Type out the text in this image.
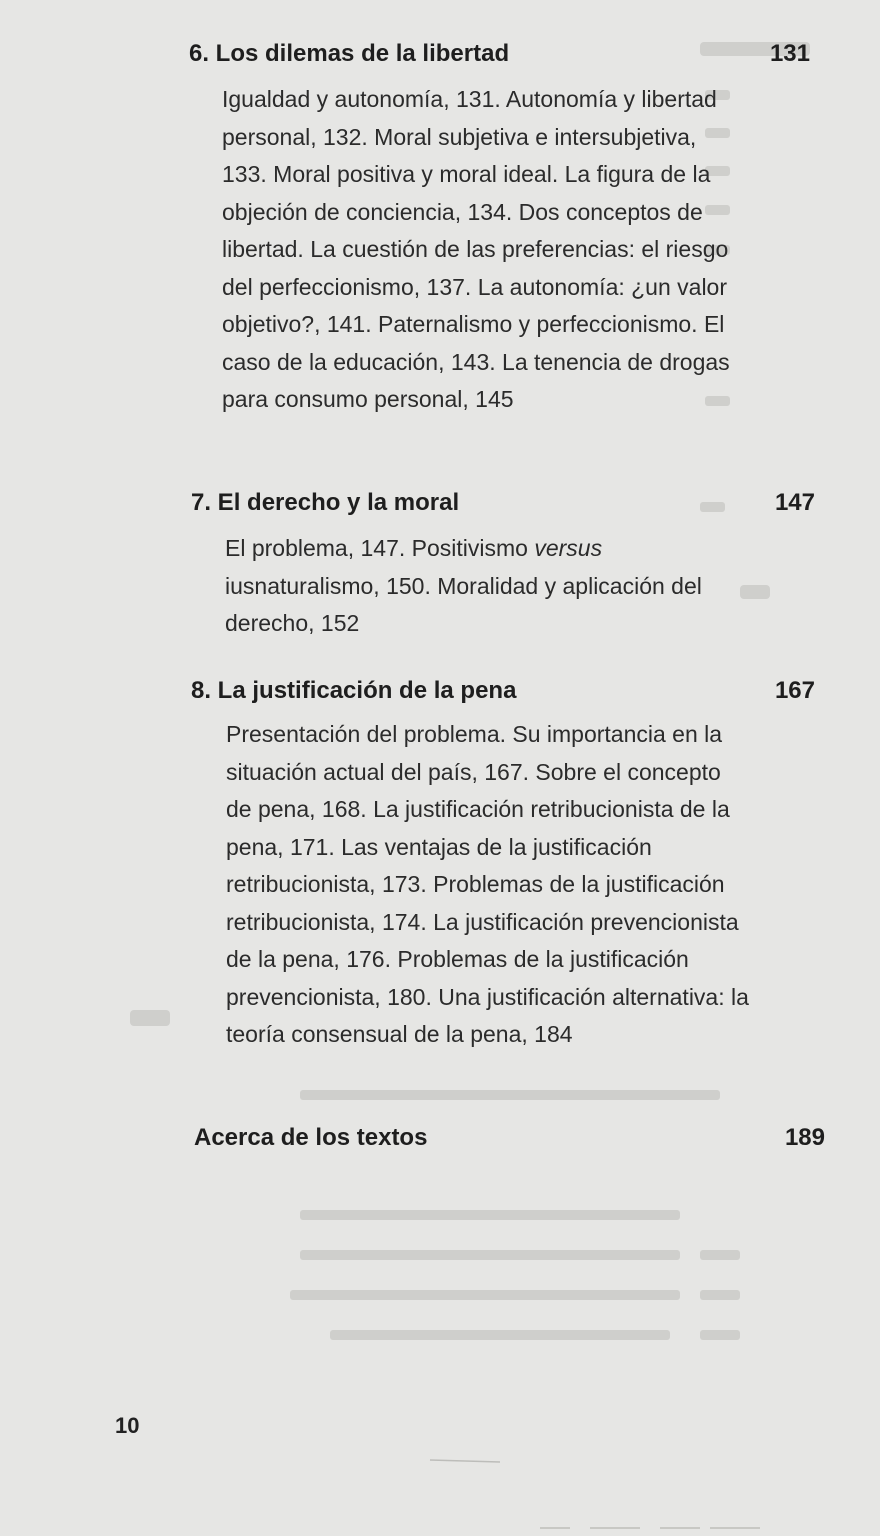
6. Los dilemas de la libertad	131
Igualdad y autonomía, 131. Autonomía y libertad personal, 132. Moral subjetiva e intersubjetiva, 133. Moral positiva y moral ideal. La figura de la objeción de conciencia, 134. Dos conceptos de libertad. La cuestión de las preferencias: el riesgo del perfeccionismo, 137. La autonomía: ¿un valor objetivo?, 141. Paternalismo y perfeccionismo. El caso de la educación, 143. La tenencia de drogas para consumo personal, 145
7. El derecho y la moral	147
El problema, 147. Positivismo versus iusnaturalismo, 150. Moralidad y aplicación del derecho, 152
8. La justificación de la pena	167
Presentación del problema. Su importancia en la situación actual del país, 167. Sobre el concepto de pena, 168. La justificación retribucionista de la pena, 171. Las ventajas de la justificación retribucionista, 173. Problemas de la justificación retribucionista, 174. La justificación prevencionista de la pena, 176. Problemas de la justificación prevencionista, 180. Una justificación alternativa: la teoría consensual de la pena, 184
Acerca de los textos	189
10
